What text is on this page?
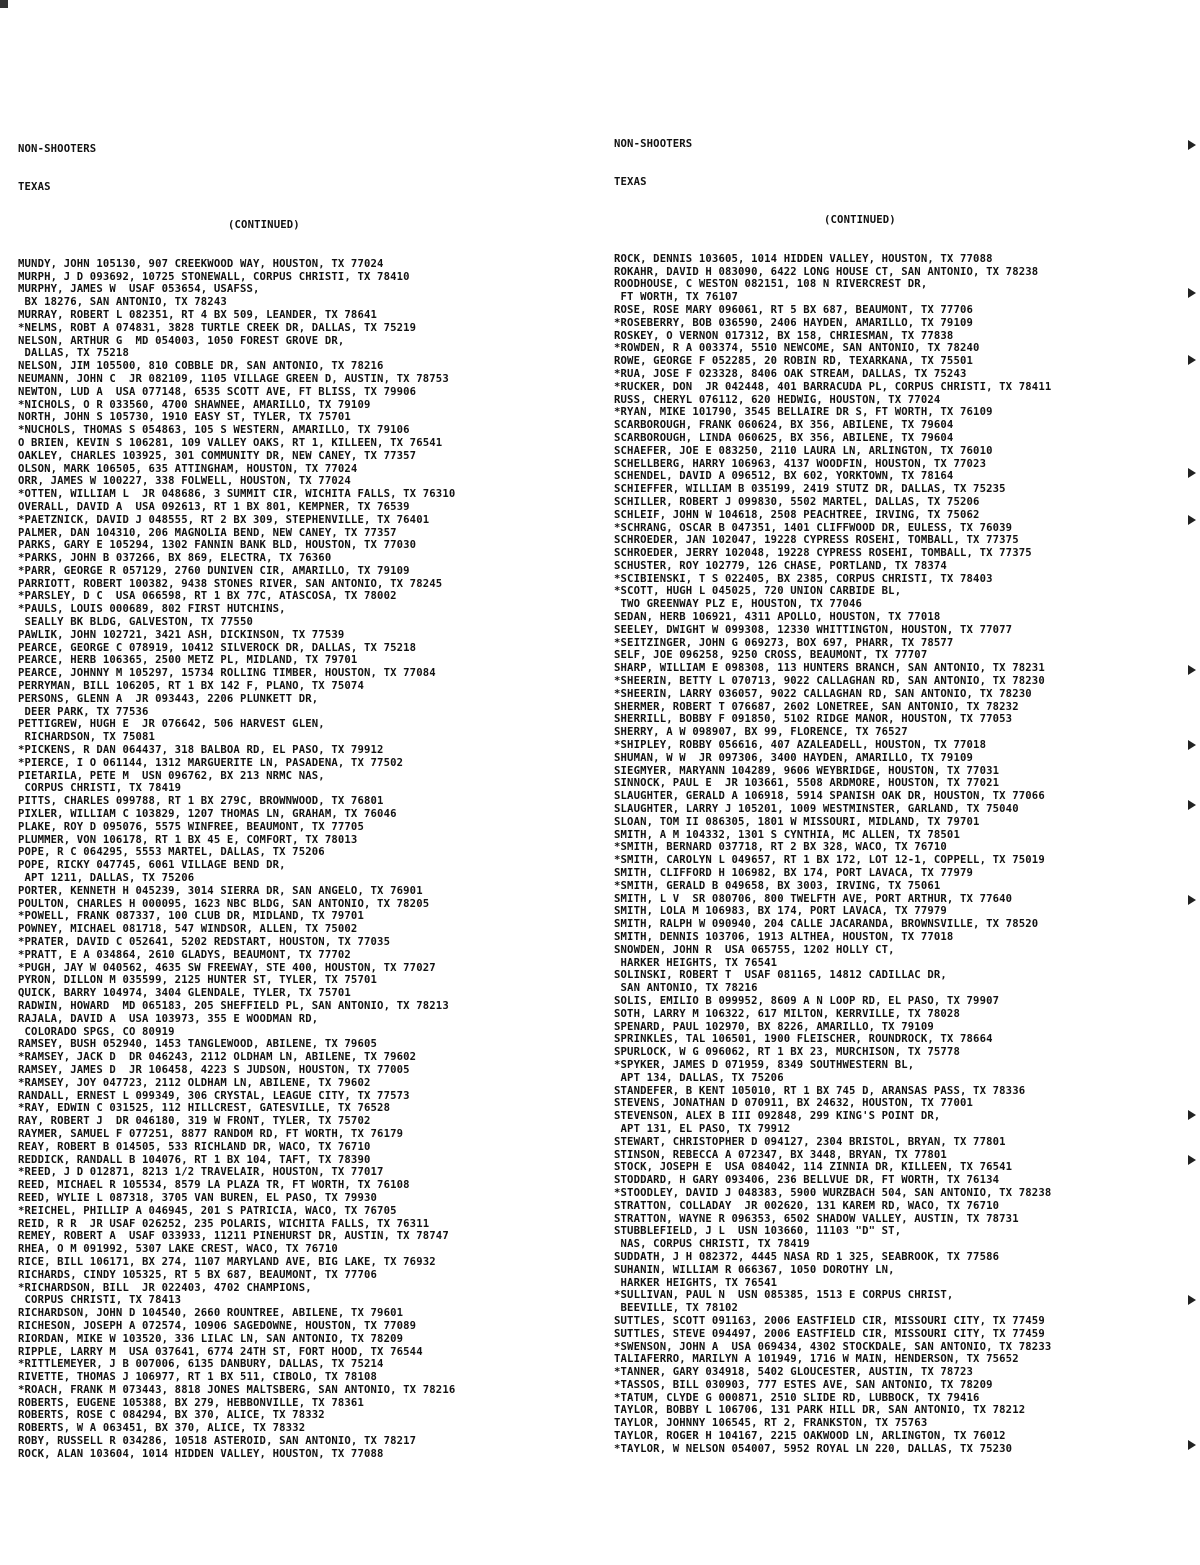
NON-SHOOTERS

TEXAS

(CONTINUED)

MUNDY, JOHN 105130, 907 CREEKWOOD WAY, HOUSTON, TX 77024
MURPH, J D 093692, 10725 STONEWALL, CORPUS CHRISTI, TX 78410
MURPHY, JAMES W  USAF 053654, USAFSS,
BX 18276, SAN ANTONIO, TX 78243
MURRAY, ROBERT L 082351, RT 4 BX 509, LEANDER, TX 78641
*NELMS, ROBT A 074831, 3828 TURTLE CREEK DR, DALLAS, TX 75219
NELSON, ARTHUR G  MD 054003, 1050 FOREST GROVE DR,
DALLAS, TX 75218
NELSON, JIM 105500, 810 COBBLE DR, SAN ANTONIO, TX 78216
NEUMANN, JOHN C  JR 082109, 1105 VILLAGE GREEN D, AUSTIN, TX 78753
NEWTON, LUD A  USA 077148, 6535 SCOTT AVE, FT BLISS, TX 79906
*NICHOLS, O R 033560, 4700 SHAWNEE, AMARILLO, TX 79109
NORTH, JOHN S 105730, 1910 EASY ST, TYLER, TX 75701
*NUCHOLS, THOMAS S 054863, 105 S WESTERN, AMARILLO, TX 79106
O BRIEN, KEVIN S 106281, 109 VALLEY OAKS, RT 1, KILLEEN, TX 76541
OAKLEY, CHARLES 103925, 301 COMMUNITY DR, NEW CANEY, TX 77357
OLSON, MARK 106505, 635 ATTINGHAM, HOUSTON, TX 77024
ORR, JAMES W 100227, 338 FOLWELL, HOUSTON, TX 77024
*OTTEN, WILLIAM L  JR 048686, 3 SUMMIT CIR, WICHITA FALLS, TX 76310
OVERALL, DAVID A  USA 092613, RT 1 BX 801, KEMPNER, TX 76539
*PAETZNICK, DAVID J 048555, RT 2 BX 309, STEPHENVILLE, TX 76401
PALMER, DAN 104310, 206 MAGNOLIA BEND, NEW CANEY, TX 77357
PARKS, GARY E 105294, 1302 FANNIN BANK BLD, HOUSTON, TX 77030
*PARKS, JOHN B 037266, BX 869, ELECTRA, TX 76360
*PARR, GEORGE R 057129, 2760 DUNIVEN CIR, AMARILLO, TX 79109
PARRIOTT, ROBERT 100382, 9438 STONES RIVER, SAN ANTONIO, TX 78245
*PARSLEY, D C  USA 066598, RT 1 BX 77C, ATASCOSA, TX 78002
*PAULS, LOUIS 000689, 802 FIRST HUTCHINS,
SEALLY BK BLDG, GALVESTON, TX 77550
PAWLIK, JOHN 102721, 3421 ASH, DICKINSON, TX 77539
PEARCE, GEORGE C 078919, 10412 SILVEROCK DR, DALLAS, TX 75218
PEARCE, HERB 106365, 2500 METZ PL, MIDLAND, TX 79701
PEARCE, JOHNNY M 105297, 15734 ROLLING TIMBER, HOUSTON, TX 77084
PERRYMAN, BILL 106205, RT 1 BX 142 F, PLANO, TX 75074
PERSONS, GLENN A  JR 093443, 2206 PLUNKETT DR,
DEER PARK, TX 77536
PETTIGREW, HUGH E  JR 076642, 506 HARVEST GLEN,
RICHARDSON, TX 75081
*PICKENS, R DAN 064437, 318 BALBOA RD, EL PASO, TX 79912
*PIERCE, I O 061144, 1312 MARGUERITE LN, PASADENA, TX 77502
PIETARILA, PETE M  USN 096762, BX 213 NRMC NAS,
CORPUS CHRISTI, TX 78419
PITTS, CHARLES 099788, RT 1 BX 279C, BROWNWOOD, TX 76801
PIXLER, WILLIAM C 103829, 1207 THOMAS LN, GRAHAM, TX 76046
PLAKE, ROY D 095076, 5575 WINFREE, BEAUMONT, TX 77705
PLUMMER, VON 106178, RT 1 BX 45 E, COMFORT, TX 78013
POPE, R C 064295, 5553 MARTEL, DALLAS, TX 75206
POPE, RICKY 047745, 6061 VILLAGE BEND DR,
APT 1211, DALLAS, TX 75206
PORTER, KENNETH H 045239, 3014 SIERRA DR, SAN ANGELO, TX 76901
POULTON, CHARLES H 000095, 1623 NBC BLDG, SAN ANTONIO, TX 78205
*POWELL, FRANK 087337, 100 CLUB DR, MIDLAND, TX 79701
POWNEY, MICHAEL 081718, 547 WINDSOR, ALLEN, TX 75002
*PRATER, DAVID C 052641, 5202 REDSTART, HOUSTON, TX 77035
*PRATT, E A 034864, 2610 GLADYS, BEAUMONT, TX 77702
*PUGH, JAY W 040562, 4635 SW FREEWAY, STE 400, HOUSTON, TX 77027
PYRON, DILLON M 035599, 2125 HUNTER ST, TYLER, TX 75701
QUICK, BARRY 104974, 3404 GLENDALE, TYLER, TX 75701
RADWIN, HOWARD  MD 065183, 205 SHEFFIELD PL, SAN ANTONIO, TX 78213
RAJALA, DAVID A  USA 103973, 355 E WOODMAN RD,
COLORADO SPGS, CO 80919
RAMSEY, BUSH 052940, 1453 TANGLEWOOD, ABILENE, TX 79605
*RAMSEY, JACK D  DR 046243, 2112 OLDHAM LN, ABILENE, TX 79602
RAMSEY, JAMES D  JR 106458, 4223 S JUDSON, HOUSTON, TX 77005
*RAMSEY, JOY 047723, 2112 OLDHAM LN, ABILENE, TX 79602
RANDALL, ERNEST L 099349, 306 CRYSTAL, LEAGUE CITY, TX 77573
*RAY, EDWIN C 031525, 112 HILLCREST, GATESVILLE, TX 76528
RAY, ROBERT J  DR 046180, 319 W FRONT, TYLER, TX 75702
RAYMER, SAMUEL F 077251, 8877 RANDOM RD, FT WORTH, TX 76179
REAY, ROBERT B 014505, 533 RICHLAND DR, WACO, TX 76710
REDDICK, RANDALL B 104076, RT 1 BX 104, TAFT, TX 78390
*REED, J D 012871, 8213 1/2 TRAVELAIR, HOUSTON, TX 77017
REED, MICHAEL R 105534, 8579 LA PLAZA TR, FT WORTH, TX 76108
REED, WYLIE L 087318, 3705 VAN BUREN, EL PASO, TX 79930
*REICHEL, PHILLIP A 046945, 201 S PATRICIA, WACO, TX 76705
REID, R R  JR USAF 026252, 235 POLARIS, WICHITA FALLS, TX 76311
REMEY, ROBERT A  USAF 033933, 11211 PINEHURST DR, AUSTIN, TX 78747
RHEA, O M 091992, 5307 LAKE CREST, WACO, TX 76710
RICE, BILL 106171, BX 274, 1107 MARYLAND AVE, BIG LAKE, TX 76932
RICHARDS, CINDY 105325, RT 5 BX 687, BEAUMONT, TX 77706
*RICHARDSON, BILL  JR 022403, 4702 CHAMPIONS,
CORPUS CHRISTI, TX 78413
RICHARDSON, JOHN D 104540, 2660 ROUNTREE, ABILENE, TX 79601
RICHESON, JOSEPH A 072574, 10906 SAGEDOWNE, HOUSTON, TX 77089
RIORDAN, MIKE W 103520, 336 LILAC LN, SAN ANTONIO, TX 78209
RIPPLE, LARRY M  USA 037641, 6774 24TH ST, FORT HOOD, TX 76544
*RITTLEMEYER, J B 007006, 6135 DANBURY, DALLAS, TX 75214
RIVETTE, THOMAS J 106977, RT 1 BX 511, CIBOLO, TX 78108
*ROACH, FRANK M 073443, 8818 JONES MALTSBERG, SAN ANTONIO, TX 78216
ROBERTS, EUGENE 105388, BX 279, HEBBONVILLE, TX 78361
ROBERTS, ROSE C 084294, BX 370, ALICE, TX 78332
ROBERTS, W A 063451, BX 370, ALICE, TX 78332
ROBY, RUSSELL R 034286, 10518 ASTEROID, SAN ANTONIO, TX 78217
ROCK, ALAN 103604, 1014 HIDDEN VALLEY, HOUSTON, TX 77088

NON-SHOOTERS

TEXAS

(CONTINUED)

ROCK, DENNIS 103605, 1014 HIDDEN VALLEY, HOUSTON, TX 77088
ROKAHR, DAVID H 083090, 6422 LONG HOUSE CT, SAN ANTONIO, TX 78238
ROODHOUSE, C WESTON 082151, 108 N RIVERCREST DR,
FT WORTH, TX 76107
ROSE, ROSE MARY 096061, RT 5 BX 687, BEAUMONT, TX 77706
*ROSEBERRY, BOB 036590, 2406 HAYDEN, AMARILLO, TX 79109
ROSKEY, O VERNON 017312, BX 158, CHRIESMAN, TX 77838
*ROWDEN, R A 003374, 5510 NEWCOME, SAN ANTONIO, TX 78240
ROWE, GEORGE F 052285, 20 ROBIN RD, TEXARKANA, TX 75501
*RUA, JOSE F 023328, 8406 OAK STREAM, DALLAS, TX 75243
*RUCKER, DON  JR 042448, 401 BARRACUDA PL, CORPUS CHRISTI, TX 78411
RUSS, CHERYL 076112, 620 HEDWIG, HOUSTON, TX 77024
*RYAN, MIKE 101790, 3545 BELLAIRE DR S, FT WORTH, TX 76109
SCARBOROUGH, FRANK 060624, BX 356, ABILENE, TX 79604
SCARBOROUGH, LINDA 060625, BX 356, ABILENE, TX 79604
SCHAEFER, JOE E 083250, 2110 LAURA LN, ARLINGTON, TX 76010
SCHELLBERG, HARRY 106963, 4137 WOODFIN, HOUSTON, TX 77023
SCHENDEL, DAVID A 096512, BX 602, YORKTOWN, TX 78164
SCHIEFFER, WILLIAM B 035199, 2419 STUTZ DR, DALLAS, TX 75235
SCHILLER, ROBERT J 099830, 5502 MARTEL, DALLAS, TX 75206
SCHLEIF, JOHN W 104618, 2508 PEACHTREE, IRVING, TX 75062
*SCHRANG, OSCAR B 047351, 1401 CLIFFWOOD DR, EULESS, TX 76039
SCHROEDER, JAN 102047, 19228 CYPRESS ROSEHI, TOMBALL, TX 77375
SCHROEDER, JERRY 102048, 19228 CYPRESS ROSEHI, TOMBALL, TX 77375
SCHUSTER, ROY 102779, 126 CHASE, PORTLAND, TX 78374
*SCIBIENSKI, T S 022405, BX 2385, CORPUS CHRISTI, TX 78403
*SCOTT, HUGH L 045025, 720 UNION CARBIDE BL,
TWO GREENWAY PLZ E, HOUSTON, TX 77046
SEDAN, HERB 106921, 4311 APOLLO, HOUSTON, TX 77018
SEELEY, DWIGHT W 099308, 12330 WHITTINGTON, HOUSTON, TX 77077
*SEITZINGER, JOHN G 069273, BOX 697, PHARR, TX 78577
SELF, JOE 096258, 9250 CROSS, BEAUMONT, TX 77707
SHARP, WILLIAM E 098308, 113 HUNTERS BRANCH, SAN ANTONIO, TX 78231
*SHEERIN, BETTY L 070713, 9022 CALLAGHAN RD, SAN ANTONIO, TX 78230
*SHEERIN, LARRY 036057, 9022 CALLAGHAN RD, SAN ANTONIO, TX 78230
SHERMER, ROBERT T 076687, 2602 LONETREE, SAN ANTONIO, TX 78232
SHERRILL, BOBBY F 091850, 5102 RIDGE MANOR, HOUSTON, TX 77053
SHERRY, A W 098907, BX 99, FLORENCE, TX 76527
*SHIPLEY, ROBBY 056616, 407 AZALEADELL, HOUSTON, TX 77018
SHUMAN, W W  JR 097306, 3400 HAYDEN, AMARILLO, TX 79109
SIEGMYER, MARYANN 104289, 9606 WEYBRIDGE, HOUSTON, TX 77031
SINNOCK, PAUL E  JR 103661, 5508 ARDMORE, HOUSTON, TX 77021
SLAUGHTER, GERALD A 106918, 5914 SPANISH OAK DR, HOUSTON, TX 77066
SLAUGHTER, LARRY J 105201, 1009 WESTMINSTER, GARLAND, TX 75040
SLOAN, TOM II 086305, 1801 W MISSOURI, MIDLAND, TX 79701
SMITH, A M 104332, 1301 S CYNTHIA, MC ALLEN, TX 78501
*SMITH, BERNARD 037718, RT 2 BX 328, WACO, TX 76710
*SMITH, CAROLYN L 049657, RT 1 BX 172, LOT 12-1, COPPELL, TX 75019
SMITH, CLIFFORD H 106982, BX 174, PORT LAVACA, TX 77979
*SMITH, GERALD B 049658, BX 3003, IRVING, TX 75061
SMITH, L V  SR 080706, 800 TWELFTH AVE, PORT ARTHUR, TX 77640
SMITH, LOLA M 106983, BX 174, PORT LAVACA, TX 77979
SMITH, RALPH W 090940, 204 CALLE JACARANDA, BROWNSVILLE, TX 78520
SMITH, DENNIS 103706, 1913 ALTHEA, HOUSTON, TX 77018
SNOWDEN, JOHN R  USA 065755, 1202 HOLLY CT,
HARKER HEIGHTS, TX 76541
SOLINSKI, ROBERT T  USAF 081165, 14812 CADILLAC DR,
SAN ANTONIO, TX 78216
SOLIS, EMILIO B 099952, 8609 A N LOOP RD, EL PASO, TX 79907
SOTH, LARRY M 106322, 617 MILTON, KERRVILLE, TX 78028
SPENARD, PAUL 102970, BX 8226, AMARILLO, TX 79109
SPRINKLES, TAL 106501, 1900 FLEISCHER, ROUNDROCK, TX 78664
SPURLOCK, W G 096062, RT 1 BX 23, MURCHISON, TX 75778
*SPYKER, JAMES D 071959, 8349 SOUTHWESTERN BL,
APT 134, DALLAS, TX 75206
STANDEFER, B KENT 105010, RT 1 BX 745 D, ARANSAS PASS, TX 78336
STEVENS, JONATHAN D 070911, BX 24632, HOUSTON, TX 77001
STEVENSON, ALEX B III 092848, 299 KING'S POINT DR,
APT 131, EL PASO, TX 79912
STEWART, CHRISTOPHER D 094127, 2304 BRISTOL, BRYAN, TX 77801
STINSON, REBECCA A 072347, BX 3448, BRYAN, TX 77801
STOCK, JOSEPH E  USA 084042, 114 ZINNIA DR, KILLEEN, TX 76541
STODDARD, H GARY 093406, 236 BELLVUE DR, FT WORTH, TX 76134
*STOODLEY, DAVID J 048383, 5900 WURZBACH 504, SAN ANTONIO, TX 78238
STRATTON, COLLADAY  JR 002620, 131 KAREM RD, WACO, TX 76710
STRATTON, WAYNE R 096353, 6502 SHADOW VALLEY, AUSTIN, TX 78731
STUBBLEFIELD, J L  USN 103660, 11103 "D" ST,
NAS, CORPUS CHRISTI, TX 78419
SUDDATH, J H 082372, 4445 NASA RD 1 325, SEABROOK, TX 77586
SUHANIN, WILLIAM R 066367, 1050 DOROTHY LN,
HARKER HEIGHTS, TX 76541
*SULLIVAN, PAUL N  USN 085385, 1513 E CORPUS CHRIST,
BEEVILLE, TX 78102
SUTTLES, SCOTT 091163, 2006 EASTFIELD CIR, MISSOURI CITY, TX 77459
SUTTLES, STEVE 094497, 2006 EASTFIELD CIR, MISSOURI CITY, TX 77459
*SWENSON, JOHN A  USA 069434, 4302 STOCKDALE, SAN ANTONIO, TX 78233
TALIAFERRO, MARILYN A 101949, 1716 W MAIN, HENDERSON, TX 75652
*TANNER, GARY 034918, 5402 GLOUCESTER, AUSTIN, TX 78723
*TASSOS, BILL 030903, 777 ESTES AVE, SAN ANTONIO, TX 78209
*TATUM, CLYDE G 000871, 2510 SLIDE RD, LUBBOCK, TX 79416
TAYLOR, BOBBY L 106706, 131 PARK HILL DR, SAN ANTONIO, TX 78212
TAYLOR, JOHNNY 106545, RT 2, FRANKSTON, TX 75763
TAYLOR, ROGER H 104167, 2215 OAKWOOD LN, ARLINGTON, TX 76012
*TAYLOR, W NELSON 054007, 5952 ROYAL LN 220, DALLAS, TX 75230
